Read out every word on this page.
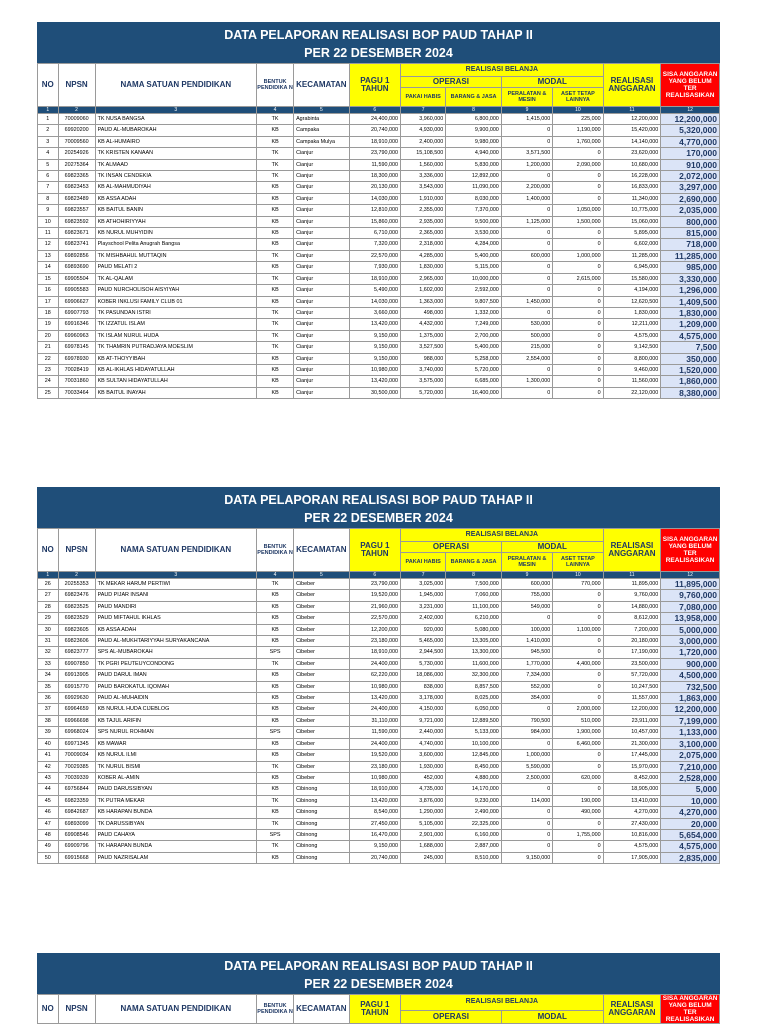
DATA PELAPORAN REALISASI BOP PAUD TAHAP II
PER 22 DESEMBER 2024
NO	NPSN	NAMA SATUAN PENDIDIKAN	BENTUK PENDIDIKA N	KECAMATAN	PAGU 1 TAHUN	REALISASI BELANJA				REALISASI ANGGARAN	SISA ANGGARAN YANG BELUM TER REALISASIKAN
						OPERASI		MODAL			
						PAKAI HABIS	BARANG & JASA	PERALATAN & MESIN	ASET TETAP LAINNYA		
1	2	3	4	5	6	7	8	9	10	11	12
1	70009060	TK NUSA BANGSA	TK	Agrabinta	24,400,000	3,960,000	6,800,000	1,415,000	225,000	12,200,000	12,200,000
2	69920200	PAUD AL-MUBAROKAH	KB	Campaka	20,740,000	4,930,000	9,900,000	0	1,190,000	15,420,000	5,320,000
3	70009560	KB AL-HUMAIRO	KB	Campaka Mulya	18,910,000	2,400,000	9,980,000	0	1,760,000	14,140,000	4,770,000
4	20254926	TK KRISTEN KANAAN	TK	Cianjur	23,790,000	15,108,500	4,940,000	3,571,500	0	23,620,000	170,000
5	20275364	TK ALMAAD	TK	Cianjur	11,590,000	1,560,000	5,830,000	1,200,000	2,090,000	10,680,000	910,000
6	69823365	TK INSAN CENDEKIA	TK	Cianjur	18,300,000	3,336,000	12,892,000	0	0	16,228,000	2,072,000
7	69823453	KB AL-MAHMUDIYAH	KB	Cianjur	20,130,000	3,543,000	11,090,000	2,200,000	0	16,833,000	3,297,000
8	69823489	KB ASSA ADAH	KB	Cianjur	14,030,000	1,910,000	8,030,000	1,400,000	0	11,340,000	2,690,000
9	69823557	KB BAITUL BANIN	KB	Cianjur	12,810,000	2,355,000	7,370,000	0	1,050,000	10,775,000	2,035,000
10	69823592	KB ATHOHIRIYYAH	KB	Cianjur	15,860,000	2,935,000	9,500,000	1,125,000	1,500,000	15,060,000	800,000
11	69823671	KB NURUL MUHYIDIN	KB	Cianjur	6,710,000	2,365,000	3,530,000	0	0	5,895,000	815,000
12	69823741	Playschool Pelita Anugrah Bangsa	KB	Cianjur	7,320,000	2,318,000	4,284,000	0	0	6,602,000	718,000
13	69892856	TK MISHBAHUL MUTTAQIN	TK	Cianjur	22,570,000	4,285,000	5,400,000	600,000	1,000,000	11,285,000	11,285,000
14	69893690	PAUD MELATI 2	KB	Cianjur	7,930,000	1,830,000	5,115,000	0	0	6,945,000	985,000
15	69905504	TK AL-QALAM	TK	Cianjur	18,910,000	2,965,000	10,000,000	0	2,615,000	15,580,000	3,330,000
16	69905583	PAUD NURCHOLISOH AISYIYAH	KB	Cianjur	5,490,000	1,602,000	2,592,000	0	0	4,194,000	1,296,000
17	69906627	KOBER INKLUSI FAMILY CLUB 01	KB	Cianjur	14,030,000	1,363,000	9,807,500	1,450,000	0	12,620,500	1,409,500
18	69907793	TK PASUNDAN ISTRI	TK	Cianjur	3,660,000	498,000	1,332,000	0	0	1,830,000	1,830,000
19	69916346	TK IZZATUL ISLAM	TK	Cianjur	13,420,000	4,432,000	7,249,000	530,000	0	12,211,000	1,209,000
20	69960963	TK ISLAM NURUL HUDA	TK	Cianjur	9,150,000	1,375,000	2,700,000	500,000	0	4,575,000	4,575,000
21	69978145	TK THAMRIN PUTRADJAYA MOESLIM	TK	Cianjur	9,150,000	3,527,500	5,400,000	215,000	0	9,142,500	7,500
22	69978930	KB AT-THOYYIBAH	KB	Cianjur	9,150,000	988,000	5,258,000	2,554,000	0	8,800,000	350,000
23	70028419	KB AL-IKHLAS HIDAYATULLAH	KB	Cianjur	10,980,000	3,740,000	5,720,000	0	0	9,460,000	1,520,000
24	70031860	KB SULTAN HIDAYATULLAH	KB	Cianjur	13,420,000	3,575,000	6,685,000	1,300,000	0	11,560,000	1,860,000
25	70033464	KB BAITUL INAYAH	KB	Cianjur	30,500,000	5,720,000	16,400,000	0	0	22,120,000	8,380,000
DATA PELAPORAN REALISASI BOP PAUD TAHAP II
PER 22 DESEMBER 2024
NO	NPSN	NAMA SATUAN PENDIDIKAN	BENTUK PENDIDIKA N	KECAMATAN	PAGU 1 TAHUN	REALISASI BELANJA				REALISASI ANGGARAN	SISA ANGGARAN YANG BELUM TER REALISASIKAN
						OPERASI		MODAL			
						PAKAI HABIS	BARANG & JASA	PERALATAN & MESIN	ASET TETAP LAINNYA		
1	2	3	4	5	6	7	8	9	10	11	12
26	20255353	TK MEKAR HARUM PERTIWI	TK	Cibeber	23,790,000	3,025,000	7,500,000	600,000	770,000	11,895,000	11,895,000
27	69823476	PAUD PIJAR INSANI	KB	Cibeber	19,520,000	1,945,000	7,060,000	755,000	0	9,760,000	9,760,000
28	69823525	PAUD MANDIRI	KB	Cibeber	21,960,000	3,231,000	11,100,000	549,000	0	14,880,000	7,080,000
29	69823529	PAUD MIFTAHUL IKHLAS	KB	Cibeber	22,570,000	2,402,000	6,210,000	0	0	8,612,000	13,958,000
30	69823605	KB ASSA ADAH	KB	Cibeber	12,200,000	920,000	5,080,000	100,000	1,100,000	7,200,000	5,000,000
31	69823606	PAUD AL-MUKHTARIYYAH SURYAKANCANA	KB	Cibeber	23,180,000	5,465,000	13,305,000	1,410,000	0	20,180,000	3,000,000
32	69823777	SPS AL-MUBAROKAH	SPS	Cibeber	18,910,000	2,944,500	13,300,000	945,500	0	17,190,000	1,720,000
33	69907850	TK PGRI PEUTEUYCONDONG	TK	Cibeber	24,400,000	5,730,000	11,600,000	1,770,000	4,400,000	23,500,000	900,000
34	69913905	PAUD DARUL IMAN	KB	Cibeber	62,220,000	18,086,000	32,300,000	7,334,000	0	57,720,000	4,500,000
35	69915770	PAUD BAROKATUL IQOMAH	KB	Cibeber	10,980,000	838,000	8,857,500	552,000	0	10,247,500	732,500
36	69929630	PAUD AL-MUHAIDIN	KB	Cibeber	13,420,000	3,178,000	8,025,000	354,000	0	11,557,000	1,863,000
37	69964659	KB NURUL HUDA CIJEBLOG	KB	Cibeber	24,400,000	4,150,000	6,050,000	0	2,000,000	12,200,000	12,200,000
38	69966698	KB TAJUL ARIFIN	KB	Cibeber	31,110,000	9,721,000	12,889,500	790,500	510,000	23,911,000	7,199,000
39	69968024	SPS NURUL ROHMAN	SPS	Cibeber	11,590,000	2,440,000	5,133,000	984,000	1,900,000	10,457,000	1,133,000
40	69971345	KB MAWAR	KB	Cibeber	24,400,000	4,740,000	10,100,000	0	6,460,000	21,300,000	3,100,000
41	70009034	KB NURUL ILMI	KB	Cibeber	19,520,000	3,600,000	12,845,000	1,000,000	0	17,445,000	2,075,000
42	70029385	TK NURUL BISMI	TK	Cibeber	23,180,000	1,930,000	8,450,000	5,590,000	0	15,970,000	7,210,000
43	70039339	KOBER AL-AMIN	KB	Cibeber	10,980,000	452,000	4,880,000	2,500,000	620,000	8,452,000	2,528,000
44	69756844	PAUD DARUSSIBYAN	KB	Cibinong	18,910,000	4,735,000	14,170,000	0	0	18,905,000	5,000
45	69823359	TK PUTRA MEKAR	TK	Cibinong	13,420,000	3,876,000	9,230,000	114,000	190,000	13,410,000	10,000
46	69842687	KB HARAPAN BUNDA	KB	Cibinong	8,540,000	1,290,000	2,490,000	0	490,000	4,270,000	4,270,000
47	69893099	TK DARUSSIBYAN	TK	Cibinong	27,450,000	5,105,000	22,325,000	0	0	27,430,000	20,000
48	69908546	PAUD CAHAYA	SPS	Cibinong	16,470,000	2,901,000	6,160,000	0	1,755,000	10,816,000	5,654,000
49	69909796	TK HARAPAN BUNDA	TK	Cibinong	9,150,000	1,688,000	2,887,000	0	0	4,575,000	4,575,000
50	69915668	PAUD NAZRISALAM	KB	Cibinong	20,740,000	245,000	8,510,000	9,150,000	0	17,905,000	2,835,000
DATA PELAPORAN REALISASI BOP PAUD TAHAP II
PER 22 DESEMBER 2024
NO	NPSN	NAMA SATUAN PENDIDIKAN	BENTUK PENDIDIKA N	KECAMATAN	PAGU 1 TAHUN	REALISASI BELANJA		REALISASI ANGGARAN	SISA ANGGARAN YANG BELUM TER REALISASIKAN
						OPERASI	MODAL		
